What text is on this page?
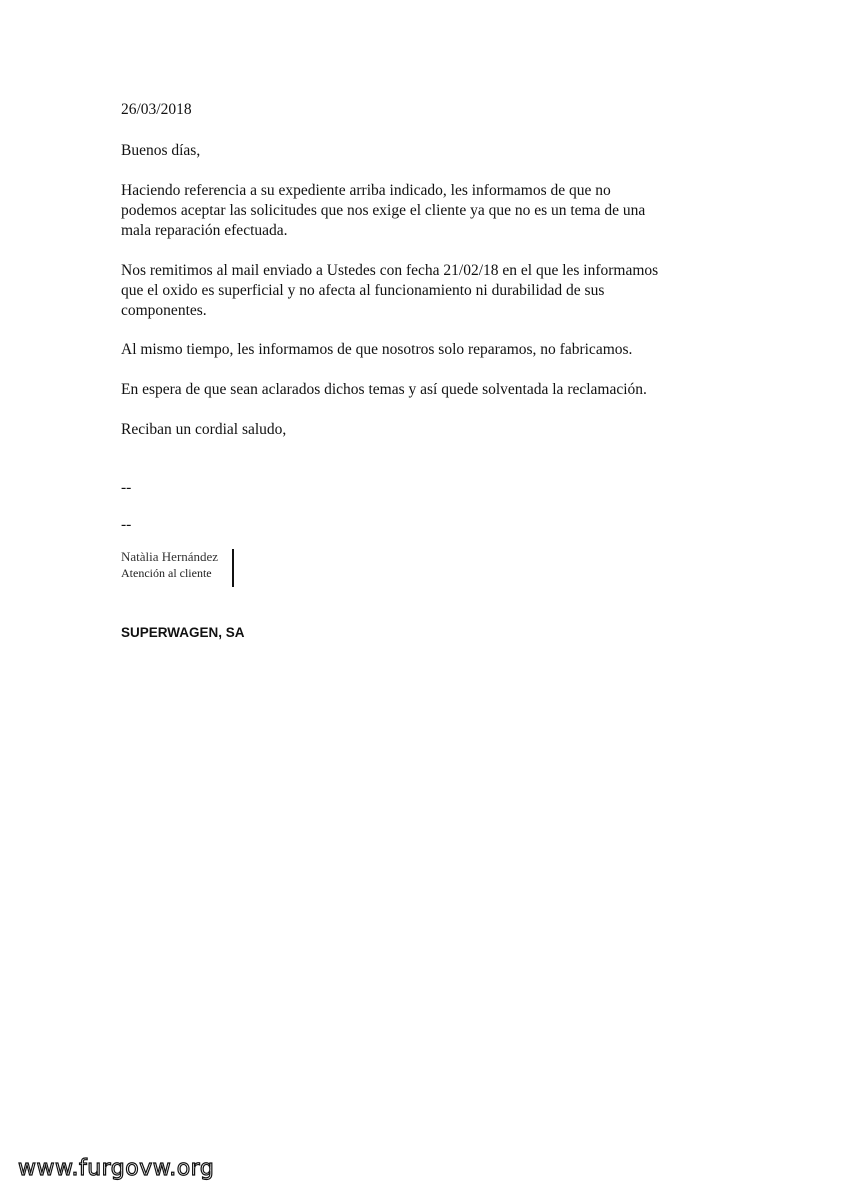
26/03/2018

Buenos días,

Haciendo referencia a su expediente arriba indicado, les informamos de que no
podemos aceptar las solicitudes que nos exige el cliente ya que no es un tema de una
mala reparación efectuada.

Nos remitimos al mail enviado a Ustedes con fecha 21/02/18 en el que les informamos
que el oxido es superficial y no afecta al funcionamiento ni durabilidad de sus
componentes.

Al mismo tiempo, les informamos de que nosotros solo reparamos, no fabricamos.

En espera de que sean aclarados dichos temas y así quede solventada la reclamación.

Reciban un cordial saludo,

--

--

Natàlia Hernández
Atención al cliente
SUPERWAGEN, SA
www.furgovw.org
